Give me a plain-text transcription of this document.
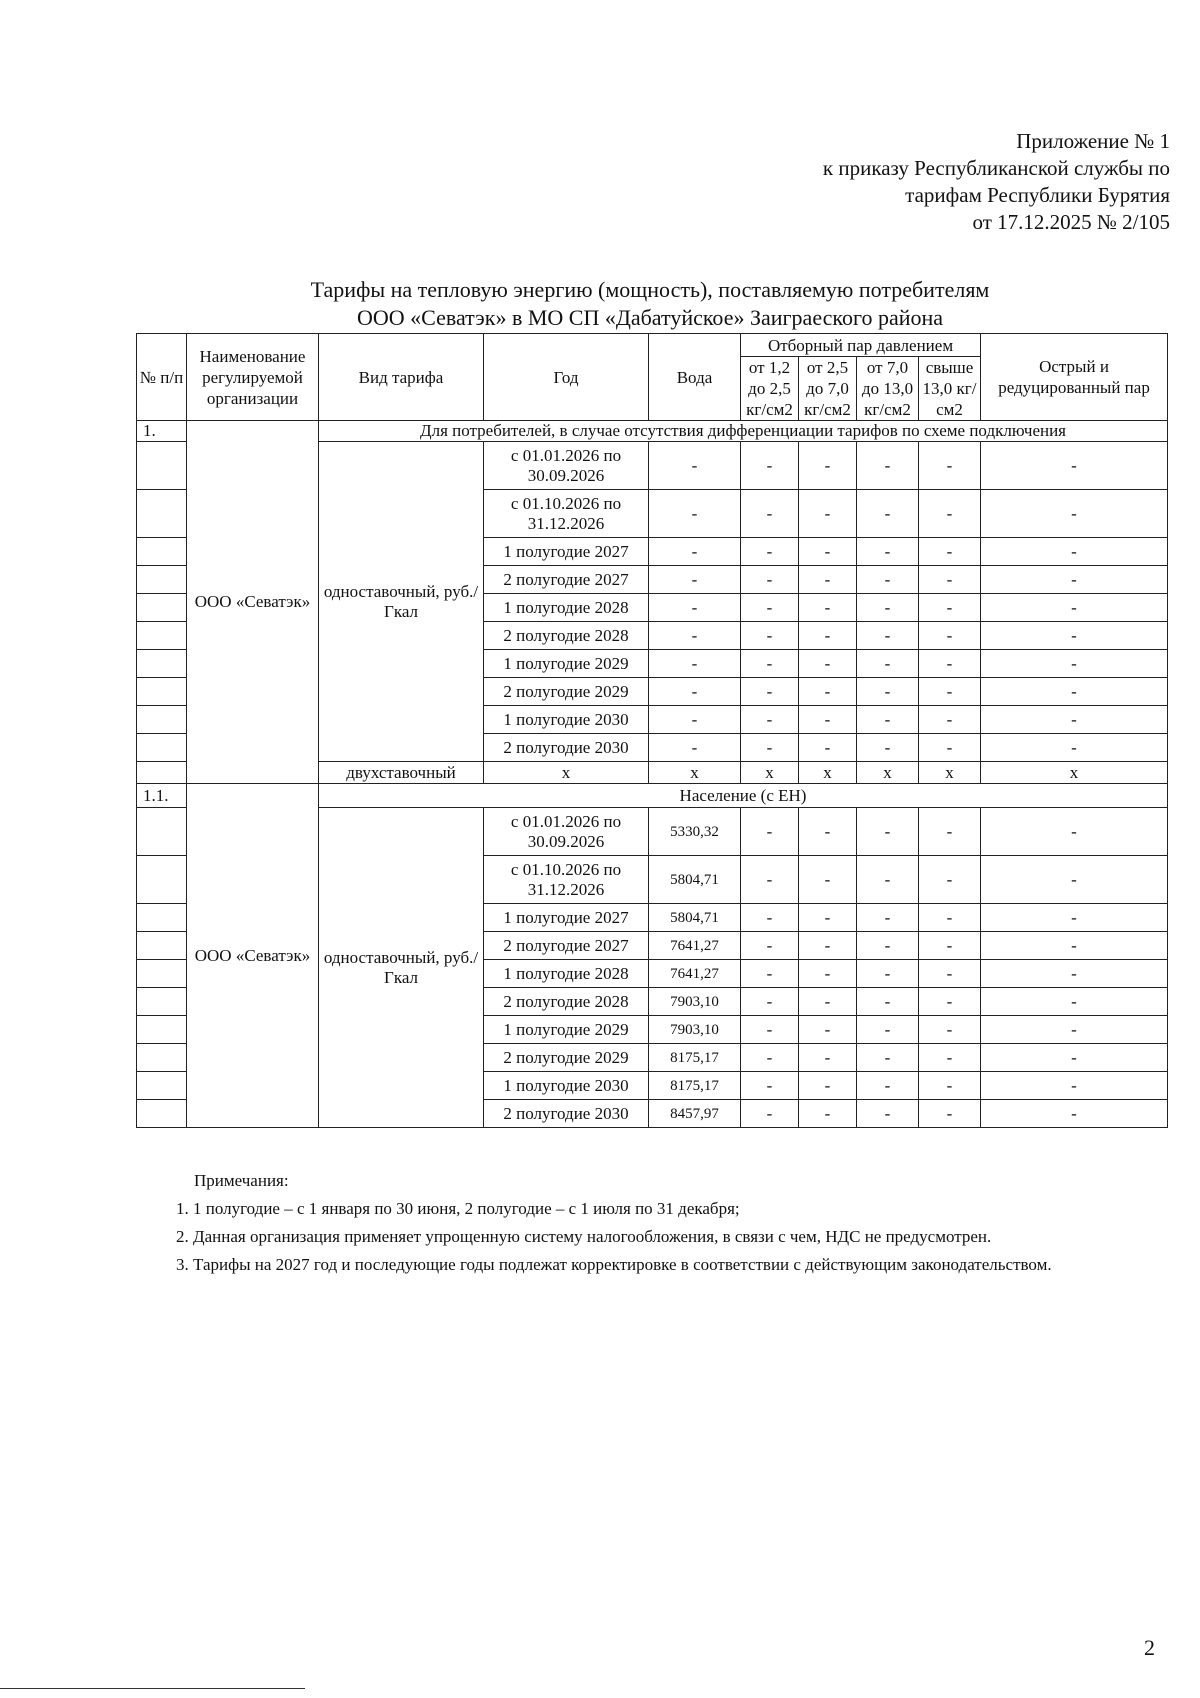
Приложение № 1
к приказу Республиканской службы по
тарифам Республики Бурятия
от 17.12.2025 № 2/105
Тарифы на тепловую энергию (мощность), поставляемую потребителям
ООО «Севатэк» в МО СП «Дабатуйское» Заиграеского района
№ п/п	Наименование регулируемой организации	Вид тарифа	Год	Вода	Отборный пар давлением				Острый и редуцированный пар
					от 1,2 до 2,5 кг/см2	от 2,5 до 7,0 кг/см2	от 7,0 до 13,0 кг/см2	свыше 13,0 кг/см2	
1.	ООО «Севатэк»	Для потребителей, в случае отсутствия дифференциации тарифов по схеме подключения							
		одноставочный, руб./Гкал	с 01.01.2026 по 30.09.2026	-	-	-	-	-	-
			с 01.10.2026 по 31.12.2026	-	-	-	-	-	-
			1 полугодие 2027	-	-	-	-	-	-
			2 полугодие 2027	-	-	-	-	-	-
			1 полугодие 2028	-	-	-	-	-	-
			2 полугодие 2028	-	-	-	-	-	-
			1 полугодие 2029	-	-	-	-	-	-
			2 полугодие 2029	-	-	-	-	-	-
			1 полугодие 2030	-	-	-	-	-	-
			2 полугодие 2030	-	-	-	-	-	-
		двухставочный	х	х	х	х	х	х	х
1.1.	ООО «Севатэк»	Население (с ЕН)							
		одноставочный, руб./Гкал	с 01.01.2026 по 30.09.2026	5330,32	-	-	-	-	-
			с 01.10.2026 по 31.12.2026	5804,71	-	-	-	-	-
			1 полугодие 2027	5804,71	-	-	-	-	-
			2 полугодие 2027	7641,27	-	-	-	-	-
			1 полугодие 2028	7641,27	-	-	-	-	-
			2 полугодие 2028	7903,10	-	-	-	-	-
			1 полугодие 2029	7903,10	-	-	-	-	-
			2 полугодие 2029	8175,17	-	-	-	-	-
			1 полугодие 2030	8175,17	-	-	-	-	-
			2 полугодие 2030	8457,97	-	-	-	-	-
Примечания:
1. 1 полугодие – с 1 января по 30 июня, 2 полугодие – с 1 июля по 31 декабря;
2. Данная организация применяет упрощенную систему налогообложения, в связи с чем, НДС не предусмотрен.
3. Тарифы на 2027 год и последующие годы подлежат корректировке в соответствии с действующим законодательством.
2
